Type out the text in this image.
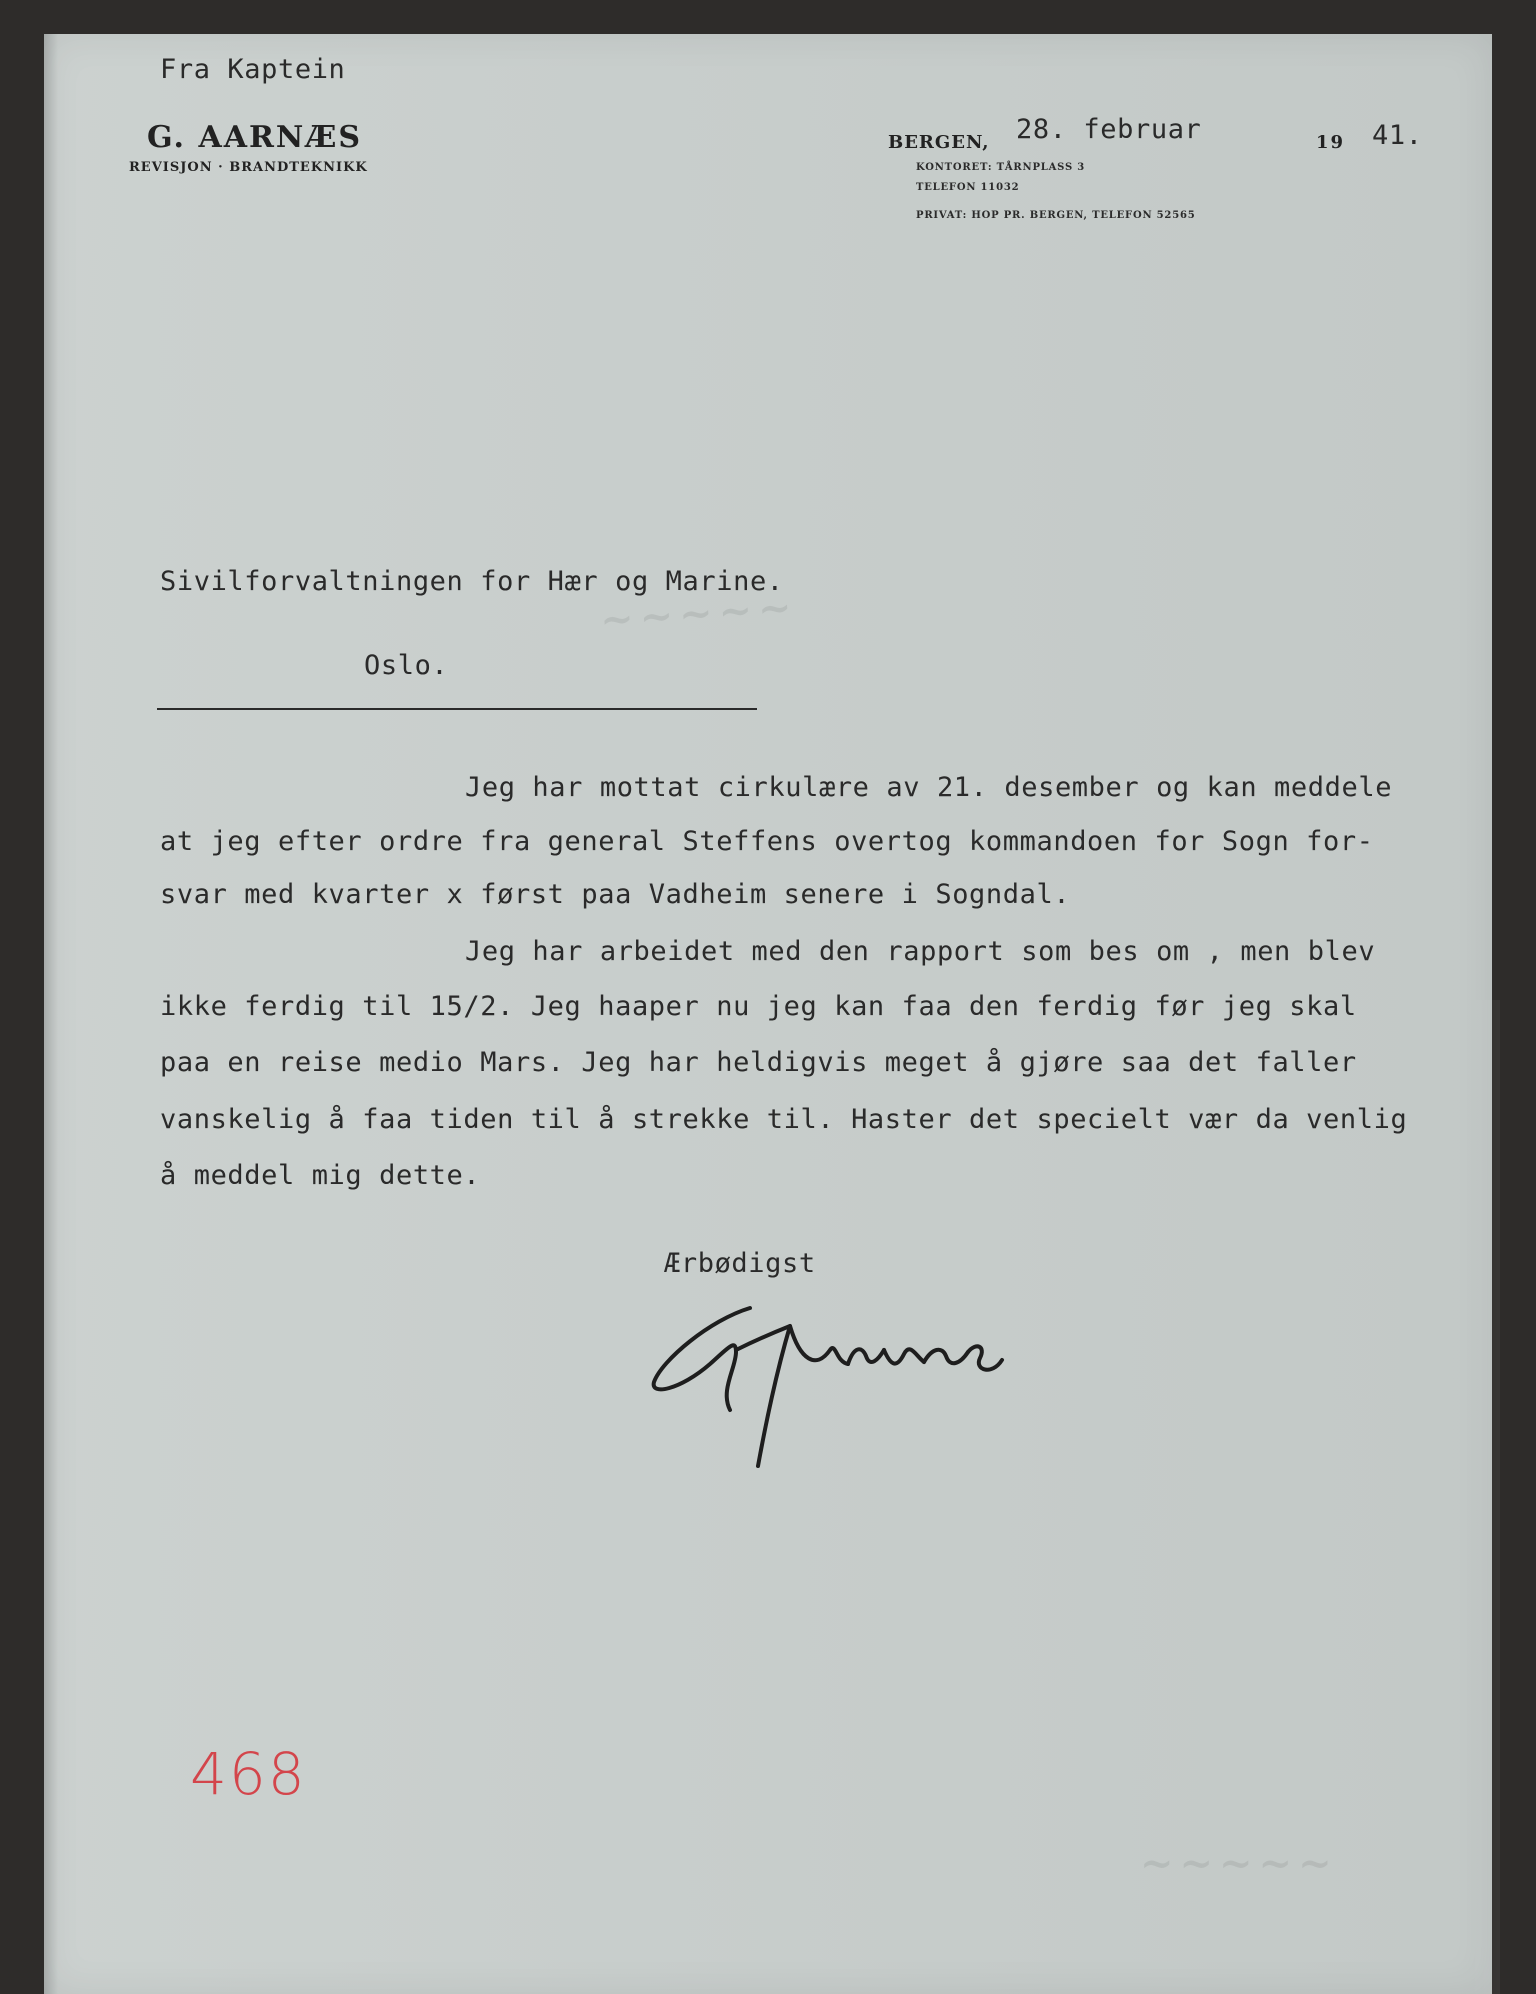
~~~~~
~~~~~
Fra Kaptein
G. AARNÆS
REVISJON · BRANDTEKNIKK
BERGEN, 28. februar	19 41.
KONTORET: TÅRNPLASS 3
TELEFON 11032
PRIVAT: HOP PR. BERGEN, TELEFON 52565
Sivilforvaltningen for Hær og Marine.
Oslo.
Jeg har mottat cirkulære av 21. desember og kan meddele
at jeg efter ordre fra general Steffens overtog kommandoen for Sogn for-
svar med kvarter x først paa Vadheim senere i Sogndal.
Jeg har arbeidet med den rapport som bes om , men blev
ikke ferdig til 15/2. Jeg haaper nu jeg kan faa den ferdig før jeg skal
paa en reise medio Mars. Jeg har heldigvis meget å gjøre saa det faller
vanskelig å faa tiden til å strekke til. Haster det specielt vær da venlig
å meddel mig dette.
Ærbødigst
468
